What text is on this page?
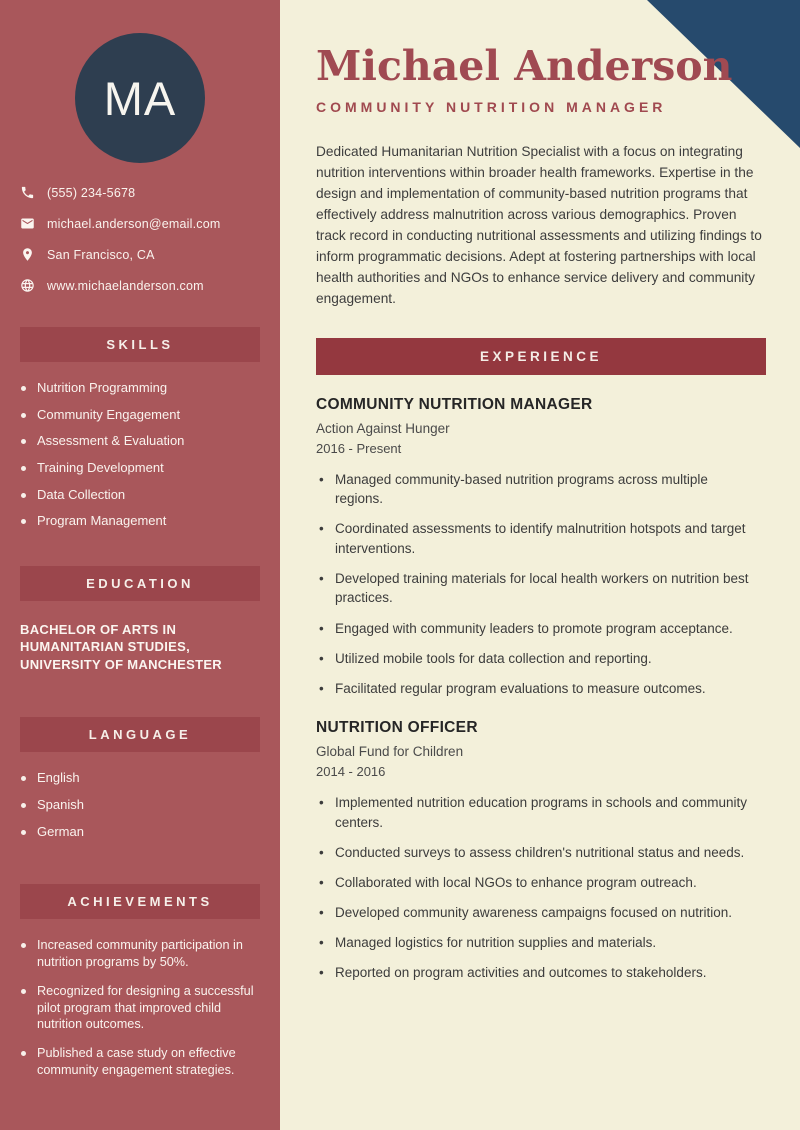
MA
(555) 234-5678
michael.anderson@email.com
San Francisco, CA
www.michaelanderson.com
SKILLS
Nutrition Programming
Community Engagement
Assessment & Evaluation
Training Development
Data Collection
Program Management
EDUCATION
BACHELOR OF ARTS IN HUMANITARIAN STUDIES, UNIVERSITY OF MANCHESTER
LANGUAGE
English
Spanish
German
ACHIEVEMENTS
Increased community participation in nutrition programs by 50%.
Recognized for designing a successful pilot program that improved child nutrition outcomes.
Published a case study on effective community engagement strategies.
Michael Anderson
COMMUNITY NUTRITION MANAGER

Dedicated Humanitarian Nutrition Specialist with a focus on integrating nutrition interventions within broader health frameworks. Expertise in the design and implementation of community-based nutrition programs that effectively address malnutrition across various demographics. Proven track record in conducting nutritional assessments and utilizing findings to inform programmatic decisions. Adept at fostering partnerships with local health authorities and NGOs to enhance service delivery and community engagement.

EXPERIENCE
COMMUNITY NUTRITION MANAGER
Action Against Hunger
2016 - Present
• Managed community-based nutrition programs across multiple regions.
• Coordinated assessments to identify malnutrition hotspots and target interventions.
• Developed training materials for local health workers on nutrition best practices.
• Engaged with community leaders to promote program acceptance.
• Utilized mobile tools for data collection and reporting.
• Facilitated regular program evaluations to measure outcomes.
NUTRITION OFFICER
Global Fund for Children
2014 - 2016
• Implemented nutrition education programs in schools and community centers.
• Conducted surveys to assess children's nutritional status and needs.
• Collaborated with local NGOs to enhance program outreach.
• Developed community awareness campaigns focused on nutrition.
• Managed logistics for nutrition supplies and materials.
• Reported on program activities and outcomes to stakeholders.
